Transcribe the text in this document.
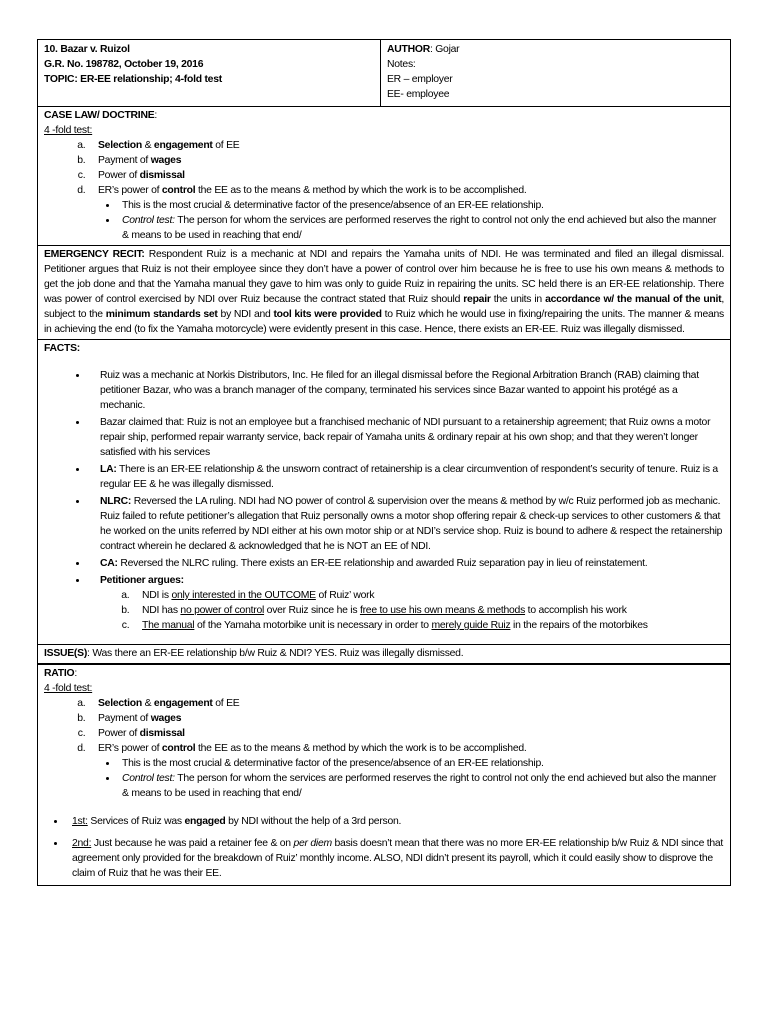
10. Bazar v. Ruizol
G.R. No. 198782, October 19, 2016
TOPIC: ER-EE relationship; 4-fold test
AUTHOR: Gojar
Notes:
ER – employer
EE- employee
CASE LAW/ DOCTRINE:
4 -fold test:
a. Selection & engagement of EE
b. Payment of wages
c. Power of dismissal
d. ER’s power of control the EE as to the means & method by which the work is to be accomplished.
• This is the most crucial & determinative factor of the presence/absence of an ER-EE relationship.
• Control test: The person for whom the services are performed reserves the right to control not only the end achieved but also the manner & means to be used in reaching that end/
EMERGENCY RECIT: Respondent Ruiz is a mechanic at NDI and repairs the Yamaha units of NDI. He was terminated and filed an illegal dismissal. Petitioner argues that Ruiz is not their employee since they don’t have a power of control over him because he is free to use his own means & methods to get the job done and that the Yamaha manual they gave to him was only to guide Ruiz in repairing the units. SC held there is an ER-EE relationship. There was power of control exercised by NDI over Ruiz because the contract stated that Ruiz should repair the units in accordance w/ the manual of the unit, subject to the minimum standards set by NDI and tool kits were provided to Ruiz which he would use in fixing/repairing the units. The manner & means in achieving the end (to fix the Yamaha motorcycle) were evidently present in this case. Hence, there exists an ER-EE. Ruiz was illegally dismissed.
FACTS:
• Ruiz was a mechanic at Norkis Distributors, Inc. He filed for an illegal dismissal before the Regional Arbitration Branch (RAB) claiming that petitioner Bazar, who was a branch manager of the company, terminated his services since Bazar wanted to appoint his protégé as a mechanic.
• Bazar claimed that: Ruiz is not an employee but a franchised mechanic of NDI pursuant to a retainership agreement; that Ruiz owns a motor repair ship, performed repair warranty service, back repair of Yamaha units & ordinary repair at his own shop; and that they weren’t longer satisfied with his services
• LA: There is an ER-EE relationship & the unsworn contract of retainership is a clear circumvention of respondent’s security of tenure. Ruiz is a regular EE & he was illegally dismissed.
• NLRC: Reversed the LA ruling. NDI had NO power of control & supervision over the means & method by w/c Ruiz performed job as mechanic. Ruiz failed to refute petitioner’s allegation that Ruiz personally owns a motor shop offering repair & check-up services to other customers & that he worked on the units referred by NDI either at his own motor ship or at NDI’s service shop. Ruiz is bound to adhere & respect the retainership contract wherein he declared & acknowledged that he is NOT an EE of NDI.
• CA: Reversed the NLRC ruling. There exists an ER-EE relationship and awarded Ruiz separation pay in lieu of reinstatement.
• Petitioner argues:
a. NDI is only interested in the OUTCOME of Ruiz’ work
b. NDI has no power of control over Ruiz since he is free to use his own means & methods to accomplish his work
c. The manual of the Yamaha motorbike unit is necessary in order to merely guide Ruiz in the repairs of the motorbikes
ISSUE(S): Was there an ER-EE relationship b/w Ruiz & NDI? YES. Ruiz was illegally dismissed.
RATIO:
4 -fold test:
a. Selection & engagement of EE
b. Payment of wages
c. Power of dismissal
d. ER’s power of control the EE as to the means & method by which the work is to be accomplished.
• This is the most crucial & determinative factor of the presence/absence of an ER-EE relationship.
• Control test: The person for whom the services are performed reserves the right to control not only the end achieved but also the manner & means to be used in reaching that end/
• 1st: Services of Ruiz was engaged by NDI without the help of a 3rd person.
• 2nd: Just because he was paid a retainer fee & on per diem basis doesn’t mean that there was no more ER-EE relationship b/w Ruiz & NDI since that agreement only provided for the breakdown of Ruiz’ monthly income. ALSO, NDI didn’t present its payroll, which it could easily show to disprove the claim of Ruiz that he was their EE.
